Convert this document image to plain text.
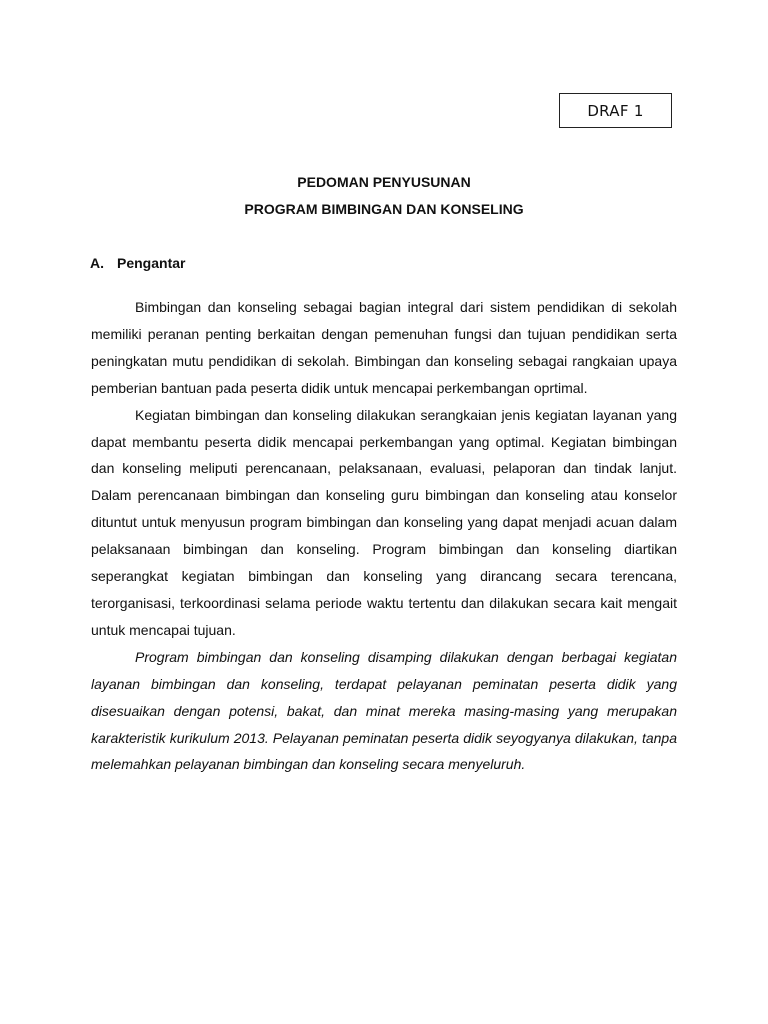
DRAF 1
PEDOMAN PENYUSUNAN
PROGRAM BIMBINGAN DAN KONSELING
A. Pengantar

Bimbingan dan konseling sebagai bagian integral dari sistem pendidikan di sekolah memiliki peranan penting berkaitan dengan pemenuhan fungsi dan tujuan pendidikan serta peningkatan mutu pendidikan di sekolah. Bimbingan dan konseling sebagai rangkaian upaya pemberian bantuan pada peserta didik untuk mencapai perkembangan oprtimal.

Kegiatan bimbingan dan konseling dilakukan serangkaian jenis kegiatan layanan yang dapat membantu peserta didik mencapai perkembangan yang optimal. Kegiatan bimbingan dan konseling meliputi perencanaan, pelaksanaan, evaluasi, pelaporan dan tindak lanjut. Dalam perencanaan bimbingan dan konseling guru bimbingan dan konseling atau konselor dituntut untuk menyusun program bimbingan dan konseling yang dapat menjadi acuan dalam pelaksanaan bimbingan dan konseling. Program bimbingan dan konseling diartikan seperangkat kegiatan bimbingan dan konseling yang dirancang secara terencana, terorganisasi, terkoordinasi selama periode waktu tertentu dan dilakukan secara kait mengait untuk mencapai tujuan.

Program bimbingan dan konseling disamping dilakukan dengan berbagai kegiatan layanan bimbingan dan konseling, terdapat pelayanan peminatan peserta didik yang disesuaikan dengan potensi, bakat, dan minat mereka masing-masing yang merupakan karakteristik kurikulum 2013. Pelayanan peminatan peserta didik seyogyanya dilakukan, tanpa melemahkan pelayanan bimbingan dan konseling secara menyeluruh.
